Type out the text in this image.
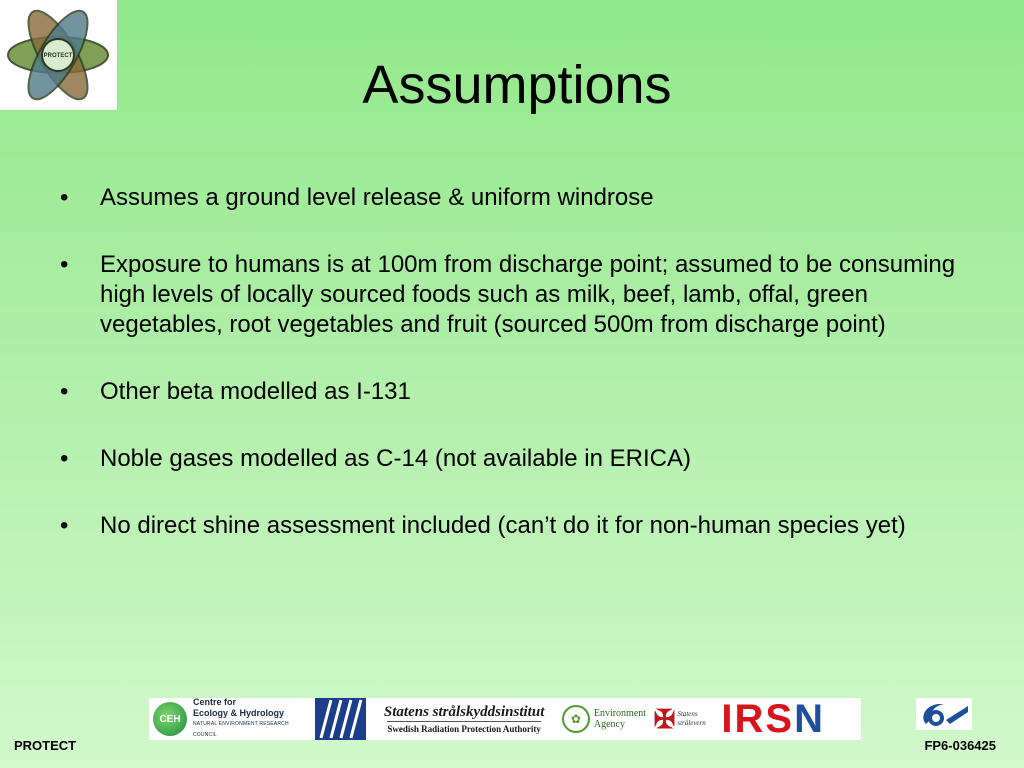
PROTECT	Assumptions
•	Assumes a ground level release & uniform windrose
•	Exposure to humans is at 100m from discharge point; assumed to be consuming high levels of locally sourced foods such as milk, beef, lamb, offal, green vegetables, root vegetables and fruit (sourced 500m from discharge point)
•	Other beta modelled as I-131
•	Noble gases modelled as C-14 (not available in ERICA)
•	No direct shine assessment included (can’t do it for non-human species yet)
CEH
Centre for
Ecology & Hydrology
NATURAL ENVIRONMENT RESEARCH COUNCIL
Statens strålskyddsinstitut
Swedish Radiation Protection Authority
✿	Environment
Agency	✠ Statens
strålevern I R S N
PROTECT	FP6-036425
